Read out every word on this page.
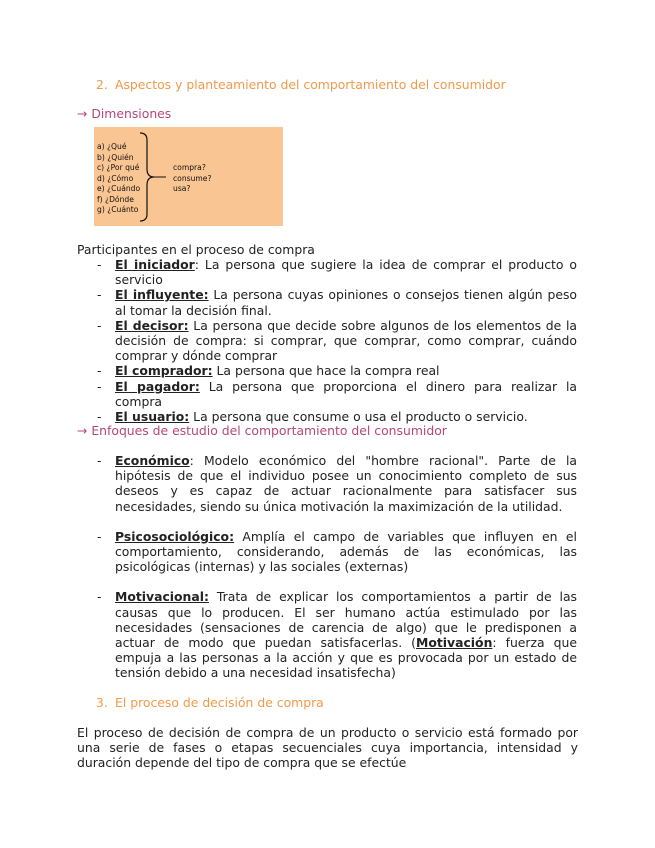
2. Aspectos y planteamiento del comportamiento del consumidor
→ Dimensiones
a) ¿Qué
b) ¿Quién
c) ¿Por qué
d) ¿Cómo
e) ¿Cuándo
f) ¿Dónde
g) ¿Cuánto
compra?
consume?
usa?
Participantes en el proceso de compra
- El iniciador: La persona que sugiere la idea de comprar el producto o servicio
- El influyente: La persona cuyas opiniones o consejos tienen algún peso al tomar la decisión final.
- El decisor: La persona que decide sobre algunos de los elementos de la decisión de compra: si comprar, que comprar, como comprar, cuándo comprar y dónde comprar
- El comprador: La persona que hace la compra real
- El pagador: La persona que proporciona el dinero para realizar la compra
- El usuario: La persona que consume o usa el producto o servicio.
→ Enfoques de estudio del comportamiento del consumidor
- Económico: Modelo económico del "hombre racional". Parte de la hipótesis de que el individuo posee un conocimiento completo de sus deseos y es capaz de actuar racionalmente para satisfacer sus necesidades, siendo su única motivación la maximización de la utilidad.
- Psicosociológico: Amplía el campo de variables que influyen en el comportamiento, considerando, además de las económicas, las psicológicas (internas) y las sociales (externas)
- Motivacional: Trata de explicar los comportamientos a partir de las causas que lo producen. El ser humano actúa estimulado por las necesidades (sensaciones de carencia de algo) que le predisponen a actuar de modo que puedan satisfacerlas. (Motivación: fuerza que empuja a las personas a la acción y que es provocada por un estado de tensión debido a una necesidad insatisfecha)
3. El proceso de decisión de compra
El proceso de decisión de compra de un producto o servicio está formado por una serie de fases o etapas secuenciales cuya importancia, intensidad y duración depende del tipo de compra que se efectúe
